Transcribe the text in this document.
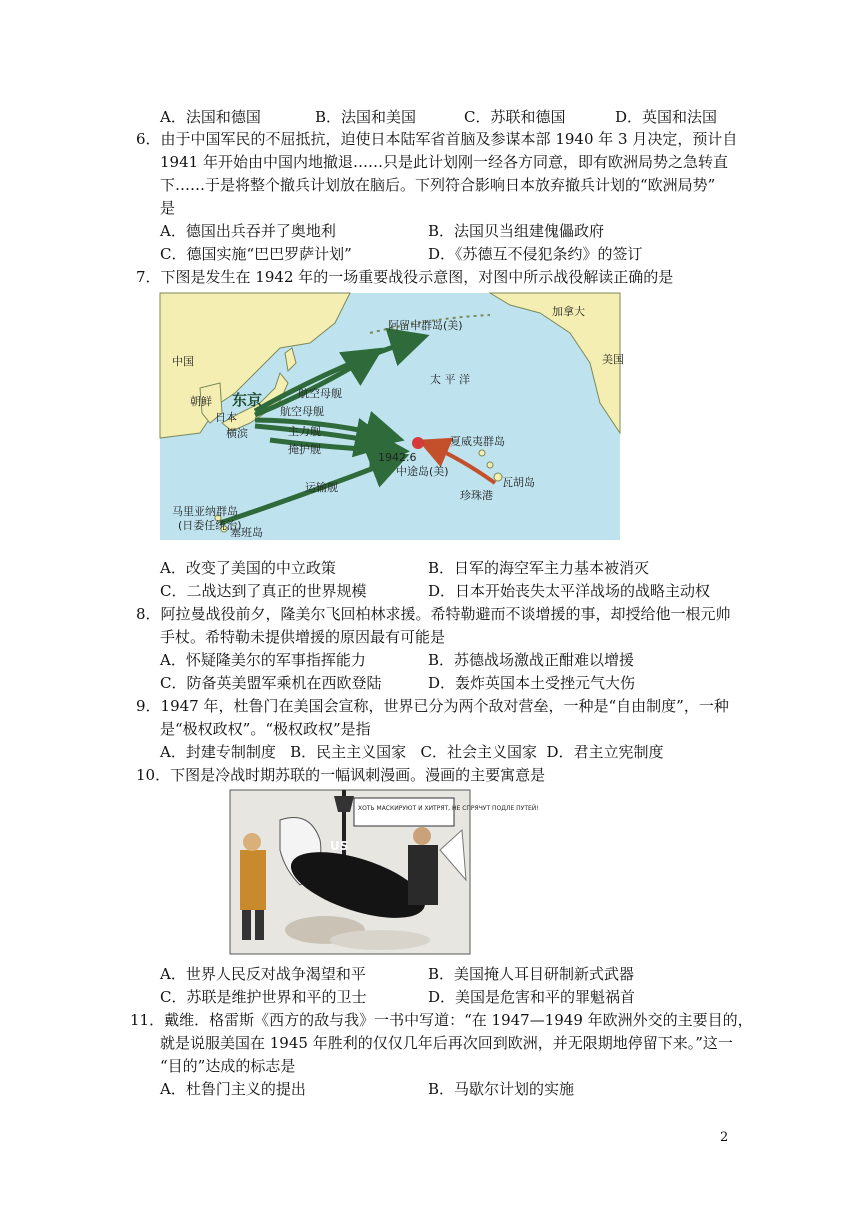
A．法国和德国	B．法国和美国	C．苏联和德国	D．英国和法国
6．由于中国军民的不屈抵抗，迫使日本陆军省首脑及参谋本部 1940 年 3 月决定，预计自
1941 年开始由中国内地撤退……只是此计划刚一经各方同意，即有欧洲局势之急转直
下……于是将整个撤兵计划放在脑后。下列符合影响日本放弃撤兵计划的“欧洲局势”
是
A．德国出兵吞并了奥地利	B．法国贝当组建傀儡政府
C．德国实施“巴巴罗萨计划”	D．《苏德互不侵犯条约》的签订
7．下图是发生在 1942 年的一场重要战役示意图，对图中所示战役解读正确的是
中国
朝鲜 东京
日本
横滨
阿留申群岛(美)
加拿大
美国
太 平 洋
航空母舰
航空母舰
主力舰
掩护舰
运输舰
1942.6
中途岛(美)
夏威夷群岛
瓦胡岛
珍珠港
马里亚纳群岛
(日委任统治)
塞班岛
A．改变了美国的中立政策	B．日军的海空军主力基本被消灭
C．二战达到了真正的世界规模	D．日本开始丧失太平洋战场的战略主动权
8．阿拉曼战役前夕，隆美尔飞回柏林求援。希特勒避而不谈增援的事，却授给他一根元帅
手杖。希特勒未提供增援的原因最有可能是
A．怀疑隆美尔的军事指挥能力	B．苏德战场激战正酣难以增援
C．防备英美盟军乘机在西欧登陆	D．轰炸英国本土受挫元气大伤
9．1947 年，杜鲁门在美国会宣称，世界已分为两个敌对营垒，一种是“自由制度”，一种
是“极权政权”。“极权政权”是指
A．封建专制制度   B．民主主义国家   C．社会主义国家  D．君主立宪制度
10．下图是冷战时期苏联的一幅讽刺漫画。漫画的主要寓意是
ХОТЬ МАСКИРУЮТ И ХИТРЯТ, НЕ СПРЯЧУТ ПОДЛЕ ПУТЕЙ!
US
A．世界人民反对战争渴望和平	B．美国掩人耳目研制新式武器
C．苏联是维护世界和平的卫士	D．美国是危害和平的罪魁祸首
11．戴维．格雷斯《西方的敌与我》一书中写道：“在 1947—1949 年欧洲外交的主要目的，
就是说服美国在 1945 年胜利的仅仅几年后再次回到欧洲，并无限期地停留下来。”这一
“目的”达成的标志是
A．杜鲁门主义的提出	B．马歇尔计划的实施
2
